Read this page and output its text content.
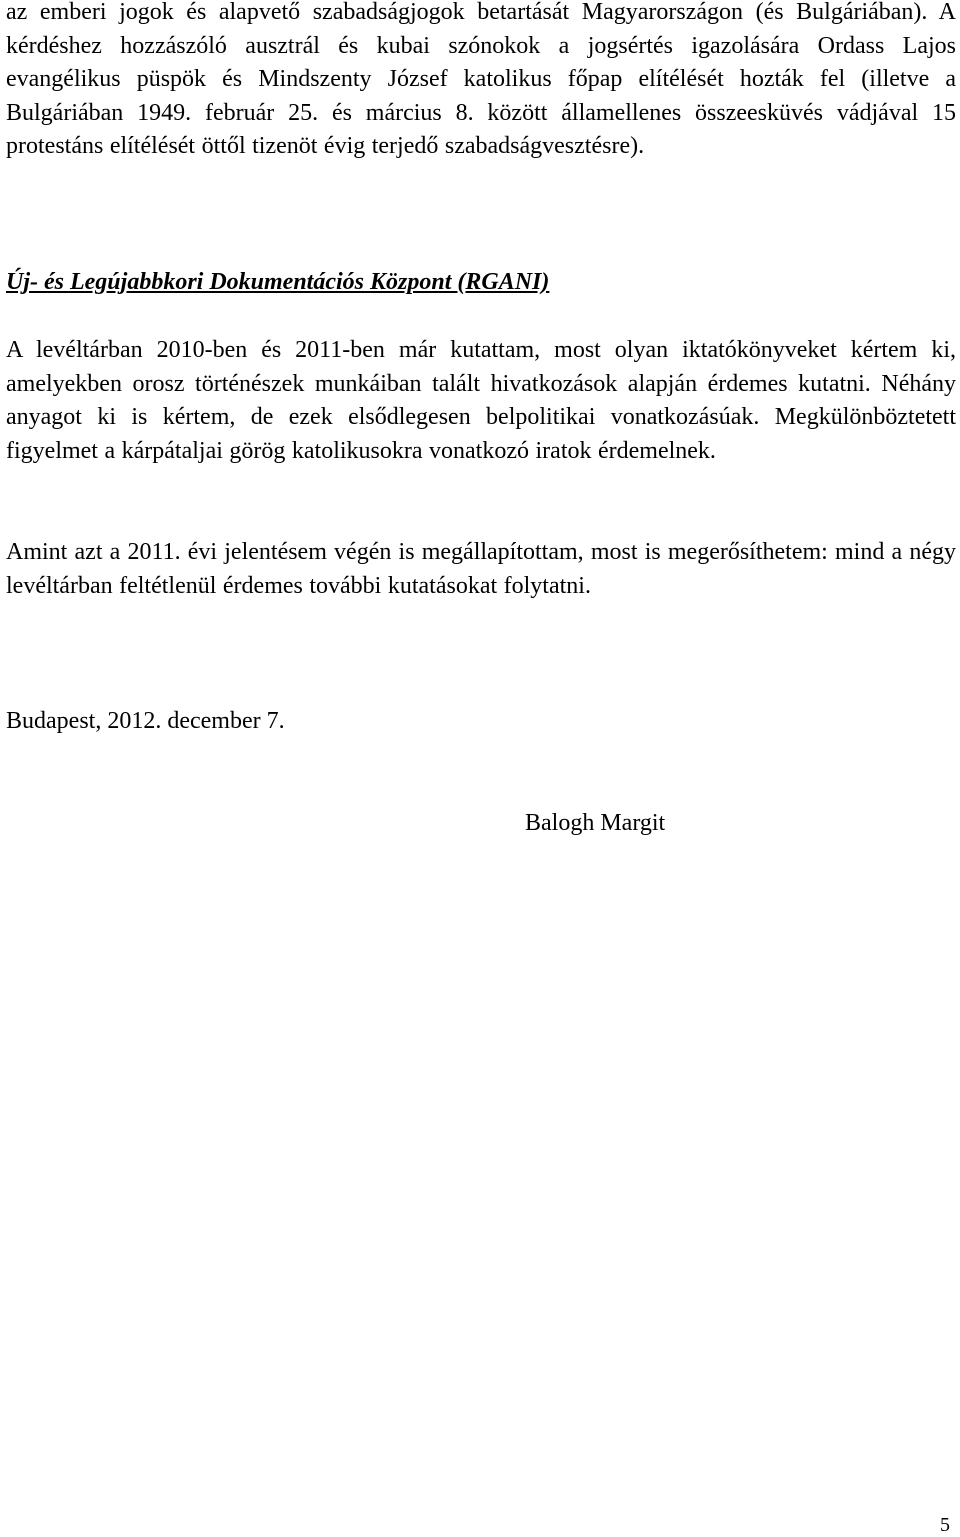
az emberi jogok és alapvető szabadságjogok betartását Magyarországon (és Bulgáriában). A kérdéshez hozzászóló ausztrál és kubai szónokok a jogsértés igazolására Ordass Lajos evangélikus püspök és Mindszenty József katolikus főpap elítélését hozták fel (illetve a Bulgáriában 1949. február 25. és március 8. között államellenes összeesküvés vádjával 15 protestáns elítélését öttől tizenöt évig terjedő szabadságvesztésre).

Új- és Legújabbkori Dokumentációs Központ (RGANI)

A levéltárban 2010-ben és 2011-ben már kutattam, most olyan iktatókönyveket kértem ki, amelyekben orosz történészek munkáiban talált hivatkozások alapján érdemes kutatni. Néhány anyagot ki is kértem, de ezek elsődlegesen belpolitikai vonatkozásúak. Megkülönböztetett figyelmet a kárpátaljai görög katolikusokra vonatkozó iratok érdemelnek.

Amint azt a 2011. évi jelentésem végén is megállapítottam, most is megerősíthetem: mind a négy levéltárban feltétlenül érdemes további kutatásokat folytatni.

Budapest, 2012. december 7.

Balogh Margit

5
